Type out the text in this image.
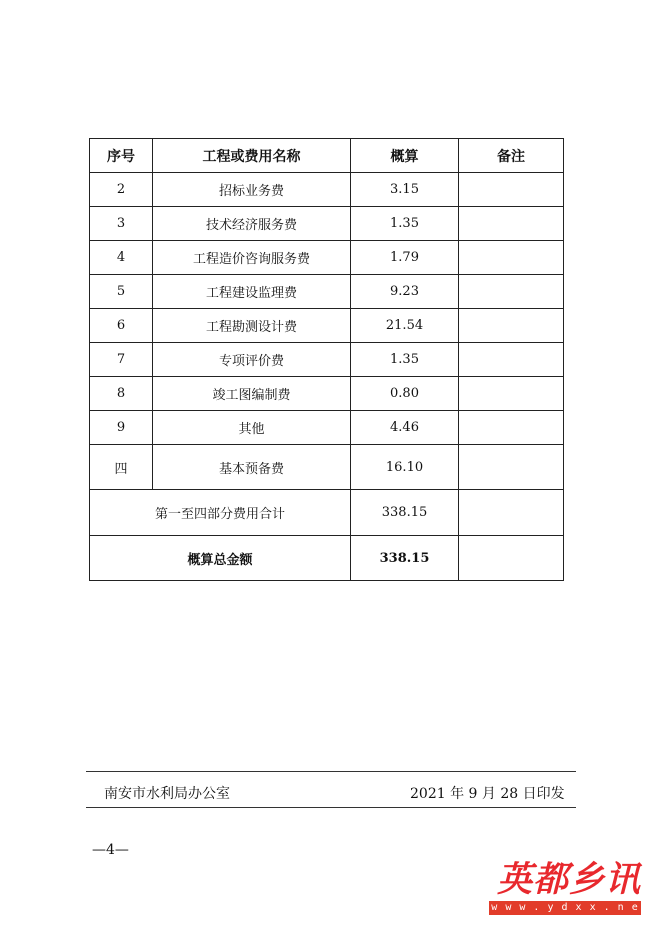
序号	工程或费用名称	概算	备注
2	招标业务费	3.15	
3	技术经济服务费	1.35	
4	工程造价咨询服务费	1.79	
5	工程建设监理费	9.23	
6	工程勘测设计费	21.54	
7	专项评价费	1.35	
8	竣工图编制费	0.80	
9	其他	4.46	
四	基本预备费	16.10	
第一至四部分费用合计		338.15	
概算总金额		338.15	
南安市水利局办公室	2021 年 9 月 28 日印发
—4—
英都乡讯
w w w . y d x x . n e t
